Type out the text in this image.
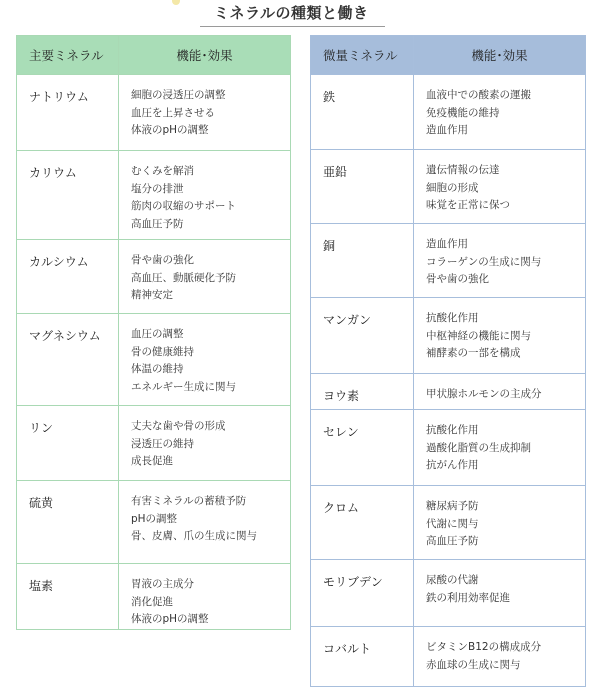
ミネラルの種類と働き
主要ミネラル	機能･効果
ナトリウム	細胞の浸透圧の調整
血圧を上昇させる
体液のpHの調整

カリウム	むくみを解消
塩分の排泄
筋肉の収縮のサポート
高血圧予防

カルシウム	骨や歯の強化
高血圧、動脈硬化予防
精神安定

マグネシウム	血圧の調整
骨の健康維持
体温の維持
エネルギー生成に関与

リン	丈夫な歯や骨の形成
浸透圧の維持
成長促進

硫黄	有害ミネラルの蓄積予防
pHの調整
骨、皮膚、爪の生成に関与

塩素	胃液の主成分
消化促進
体液のpHの調整
微量ミネラル	機能･効果
鉄	血液中での酸素の運搬
免疫機能の維持
造血作用

亜鉛	遺伝情報の伝達
細胞の形成
味覚を正常に保つ

銅	造血作用
コラーゲンの生成に関与
骨や歯の強化

マンガン	抗酸化作用
中枢神経の機能に関与
補酵素の一部を構成

ヨウ素	甲状腺ホルモンの主成分

セレン	抗酸化作用
過酸化脂質の生成抑制
抗がん作用

クロム	糖尿病予防
代謝に関与
高血圧予防

モリブデン	尿酸の代謝
鉄の利用効率促進

コバルト	ビタミンB12の構成成分
赤血球の生成に関与
